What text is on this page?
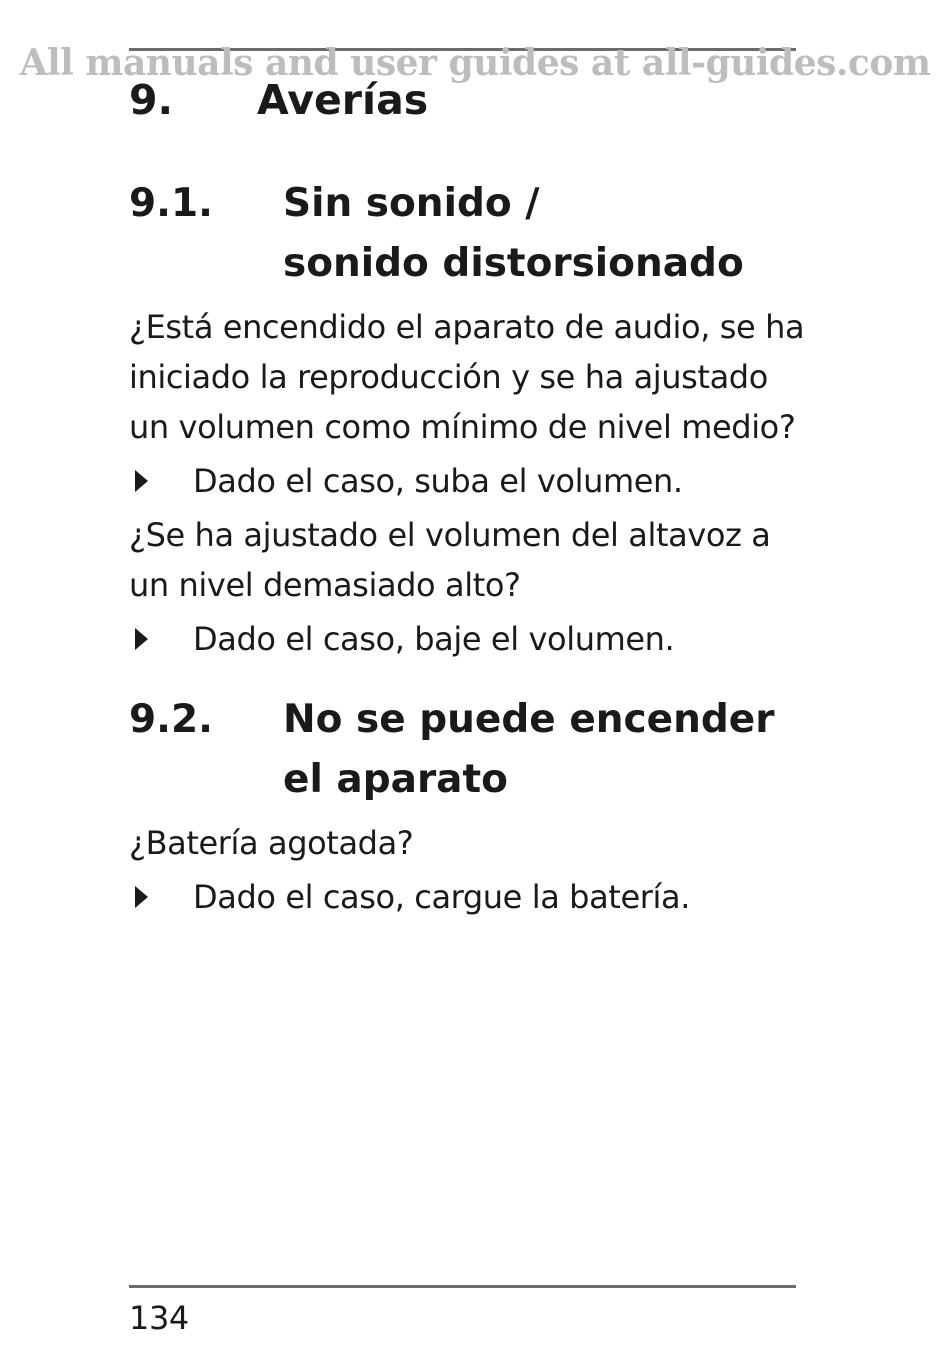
All manuals and user guides at all-guides.com
9.	Averías
9.1.	Sin sonido /
sonido distorsionado

¿Está encendido el aparato de audio, se ha iniciado la reproducción y se ha ajustado un volumen como mínimo de nivel medio?

Dado el caso, suba el volumen.

¿Se ha ajustado el volumen del altavoz a un nivel demasiado alto?

Dado el caso, baje el volumen.
9.2.	No se puede encender
el aparato

¿Batería agotada?

Dado el caso, cargue la batería.
134
